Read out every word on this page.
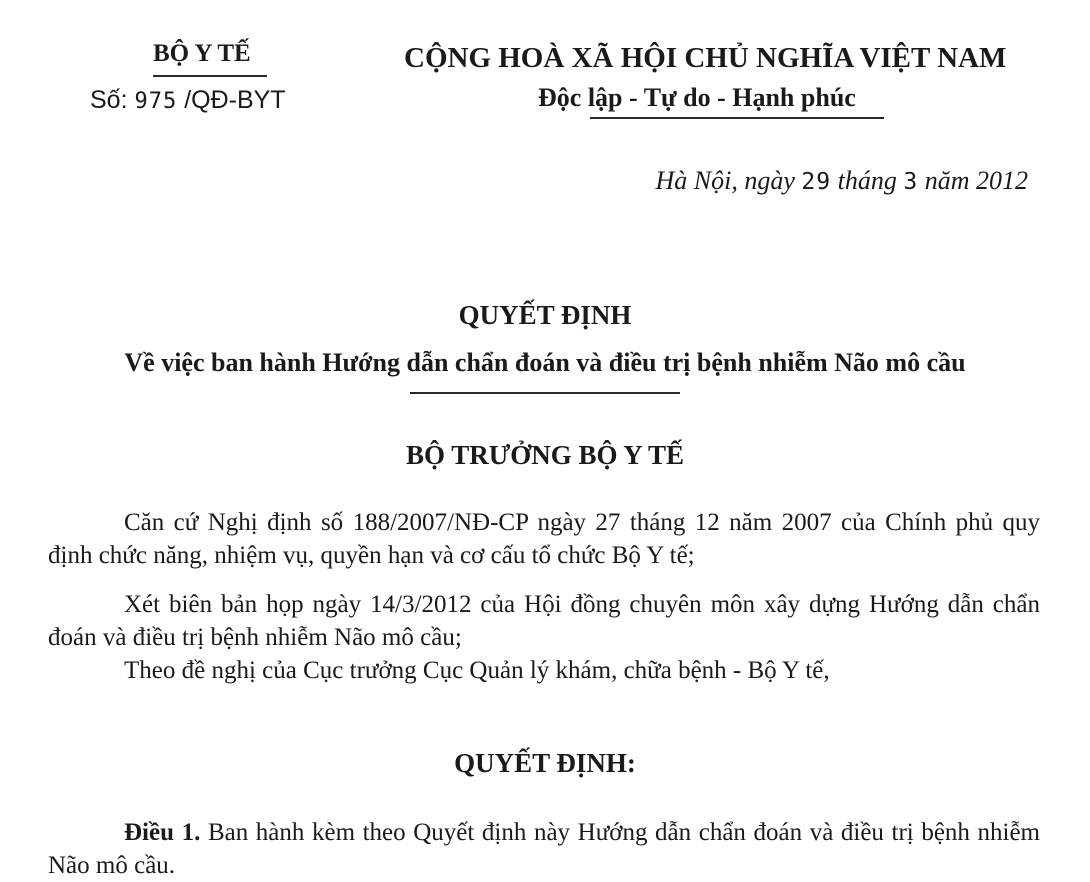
BỘ Y TẾ
Số: 975 /QĐ-BYT
CỘNG HOÀ XÃ HỘI CHỦ NGHĨA VIỆT NAM
Độc lập - Tự do - Hạnh phúc
Hà Nội, ngày 29 tháng 3 năm 2012
QUYẾT ĐỊNH
Về việc ban hành Hướng dẫn chẩn đoán và điều trị bệnh nhiễm Não mô cầu
BỘ TRƯỞNG BỘ Y TẾ
Căn cứ Nghị định số 188/2007/NĐ-CP ngày 27 tháng 12 năm 2007 của Chính phủ quy định chức năng, nhiệm vụ, quyền hạn và cơ cấu tổ chức Bộ Y tế;
Xét biên bản họp ngày 14/3/2012 của Hội đồng chuyên môn xây dựng Hướng dẫn chẩn đoán và điều trị bệnh nhiễm Não mô cầu;
Theo đề nghị của Cục trưởng Cục Quản lý khám, chữa bệnh - Bộ Y tế,
QUYẾT ĐỊNH:
Điều 1. Ban hành kèm theo Quyết định này Hướng dẫn chẩn đoán và điều trị bệnh nhiễm Não mô cầu.
